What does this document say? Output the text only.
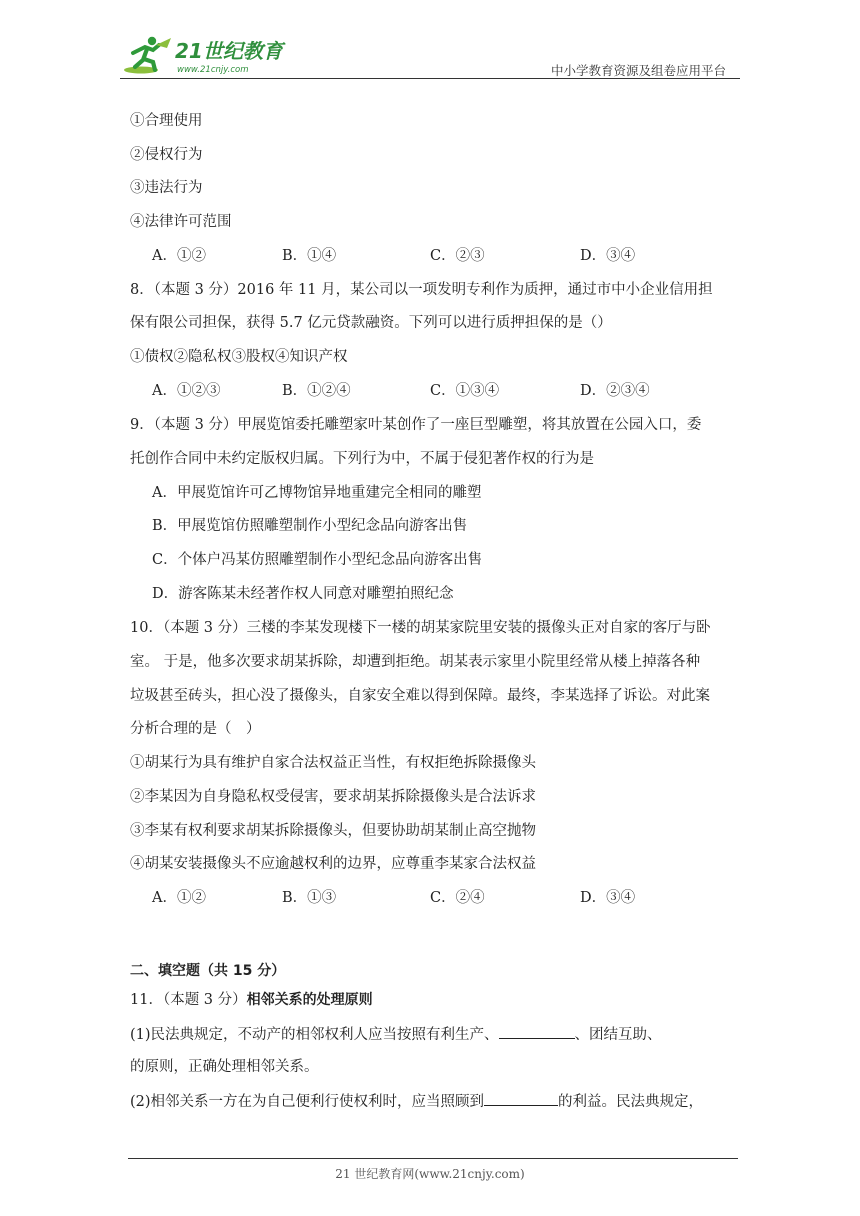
21世纪教育
www.21cnjy.com	中小学教育资源及组卷应用平台
①合理使用
②侵权行为
③违法行为
④法律许可范围
A．①②	B．①④	C．②③	D．③④
8．（本题 3 分）2016 年 11 月，某公司以一项发明专利作为质押，通过市中小企业信用担
保有限公司担保，获得 5.7 亿元贷款融资。下列可以进行质押担保的是（）
①债权②隐私权③股权④知识产权
A．①②③	B．①②④	C．①③④	D．②③④
9．（本题 3 分）甲展览馆委托雕塑家叶某创作了一座巨型雕塑，将其放置在公园入口，委
托创作合同中未约定版权归属。下列行为中，不属于侵犯著作权的行为是
A．甲展览馆许可乙博物馆异地重建完全相同的雕塑
B．甲展览馆仿照雕塑制作小型纪念品向游客出售
C．个体户冯某仿照雕塑制作小型纪念品向游客出售
D．游客陈某未经著作权人同意对雕塑拍照纪念
10．（本题 3 分）三楼的李某发现楼下一楼的胡某家院里安装的摄像头正对自家的客厅与卧
室。 于是，他多次要求胡某拆除，却遭到拒绝。胡某表示家里小院里经常从楼上掉落各种
垃圾甚至砖头，担心没了摄像头，自家安全难以得到保障。最终，李某选择了诉讼。对此案
分析合理的是（　）
①胡某行为具有维护自家合法权益正当性，有权拒绝拆除摄像头
②李某因为自身隐私权受侵害，要求胡某拆除摄像头是合法诉求
③李某有权利要求胡某拆除摄像头，但要协助胡某制止高空抛物
④胡某安装摄像头不应逾越权利的边界，应尊重李某家合法权益
A．①②	B．①③	C．②④	D．③④
二、填空题（共 15 分）
11．（本题 3 分）相邻关系的处理原则
(1)民法典规定，不动产的相邻权利人应当按照有利生产、	、团结互助、
的原则，正确处理相邻关系。
(2)相邻关系一方在为自己便利行使权利时，应当照顾到	的利益。民法典规定，
21 世纪教育网(www.21cnjy.com)
